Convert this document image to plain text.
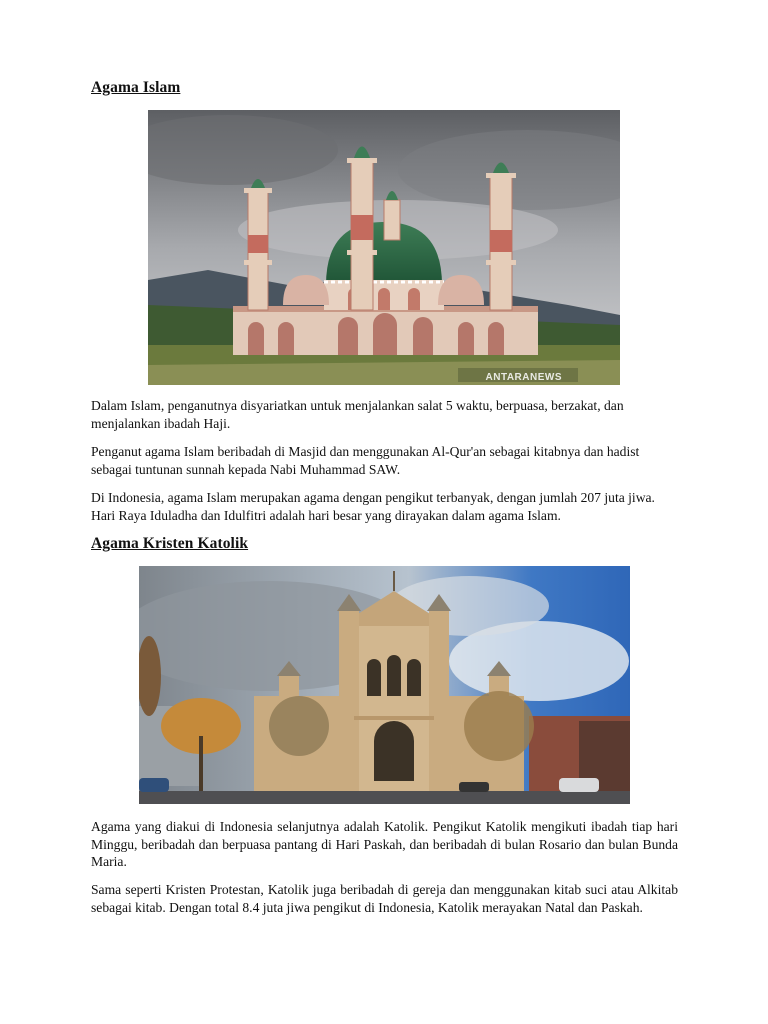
Agama Islam
ANTARANEWS

Dalam Islam, penganutnya disyariatkan untuk menjalankan salat 5 waktu, berpuasa, berzakat, dan menjalankan ibadah Haji.

Penganut agama Islam beribadah di Masjid dan menggunakan Al-Qur'an sebagai kitabnya dan hadist sebagai tuntunan sunnah kepada Nabi Muhammad SAW.

Di Indonesia, agama Islam merupakan agama dengan pengikut terbanyak, dengan jumlah 207 juta jiwa. Hari Raya Iduladha dan Idulfitri adalah hari besar yang dirayakan dalam agama Islam.

Agama Kristen Katolik

Agama yang diakui di Indonesia selanjutnya adalah Katolik. Pengikut Katolik mengikuti ibadah tiap hari Minggu, beribadah dan berpuasa pantang di Hari Paskah, dan beribadah di bulan Rosario dan bulan Bunda Maria.

Sama seperti Kristen Protestan, Katolik juga beribadah di gereja dan menggunakan kitab suci atau Alkitab sebagai kitab. Dengan total 8.4 juta jiwa pengikut di Indonesia, Katolik merayakan Natal dan Paskah.
